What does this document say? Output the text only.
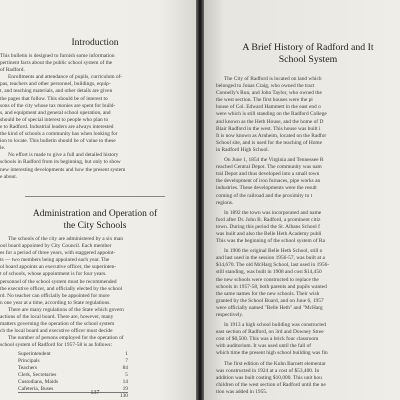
Introduction

This bulletin is designed to furnish some information
pertinent facts about the public school system of the
of Radford.

Enrollments and attendance of pupils, curriculum of-
pas, teachers and other personnel, buildings, equip-
t, and teaching materials, and other details are given
the pages that follow. This should be of interest to
sons of the city whose tax monies are spent for build-
s, and equipment and general school operation, and
should be of special interest to people who plan to
e to Radford. Industrial leaders are always interested
the kind of schools a community has when looking for
ion to locate. This bulletin should be of value to these
le.

No effort is made to give a full and detailed history
schools in Radford from its beginning, but only to show
new interesting developments and how the present system
e about.

Administration and Operation of
the City Schools

The schools of the city are administered by a six man
ool board appointed by City Council. Each member
es for a period of three years, with staggered appoint-
ts — two members being appointed each year. The
ol board appoints an executive officer, the superinten-
t of schools, whose appointment is for four years.
personnel of the school system must be recommended
the executive officer, and officially elected by the school
rd. No teacher can officially be appointed for more
n one year at a time, according to State regulations.

There are many regulations of the State which govern
actions of the local board. There are, however, many
matters governing the operation of the school system
ch the local board and executive officer must decide

The number of persons employed for the operation of
school system of Radford for 1957-58 is as follows:

Superintendent	1
Principals	7
Teachers	84
Clerk, Secretaries	5
Custodians, Maids	14
Cafeteria, Buses	19
130
137
A Brief History of Radford and It
School System

The City of Radford is located on land which
belonged to Jonas Craig, who owned the tract
Connelly's Run, and John Taylor, who owned the
the west section. The first houses were the pi
house of Col. Edward Hammett in the east end o
were which is still standing on the Radford College
and known as the Heth House, and the home of D
Blair Radford in the west. This house was built i
It is now known as Arnheim, located on the Radfor
School site, and is used for the teaching of Home
in Radford High School.

On June 1, 1854 the Virginia and Tennessee R
reached Central Depot. The community was nam
tral Depot and thus developed into a small town
the development of iron furnaces, pipe works an
industries. These developments were the result
coming of the railroad and the proximity to t
regions.

In 1892 the town was incorporated and name
ford after Dr. John B. Radford, a prominent citiz
town. During this period the St. Albans School f
was built and also the Belle Heth Academy publi
This was the beginning of the school system of Ra

In 1906 the original Belle Heth School, still o
and last used in the session 1956-57, was built at a
$14,670. The old McHarg School, last used in 1956-
still standing, was built in 1908 and cost $14,450
the new schools were constructed to replace the
schools in 1957-58, both parents and pupils wanted
the same names for the new schools. Their wish
granted by the School Board, and on June 6, 1957
were officially named "Belle Heth" and "McHarg
respectively.

In 1913 a high school building was constructed
east section of Radford, on 3rd and Downey Stree
cost of $0,500. This was a brick four classroom
with auditorium. It was used until the fall of
which time the present high school building was fin

The first edition of the Kuhn Barnett elementar
was constructed in 1924 at a cost of $53,400. In
addition was built costing $10,000. This unit hou
children of the west section of Radford until the ne
tion was added in 1955.
